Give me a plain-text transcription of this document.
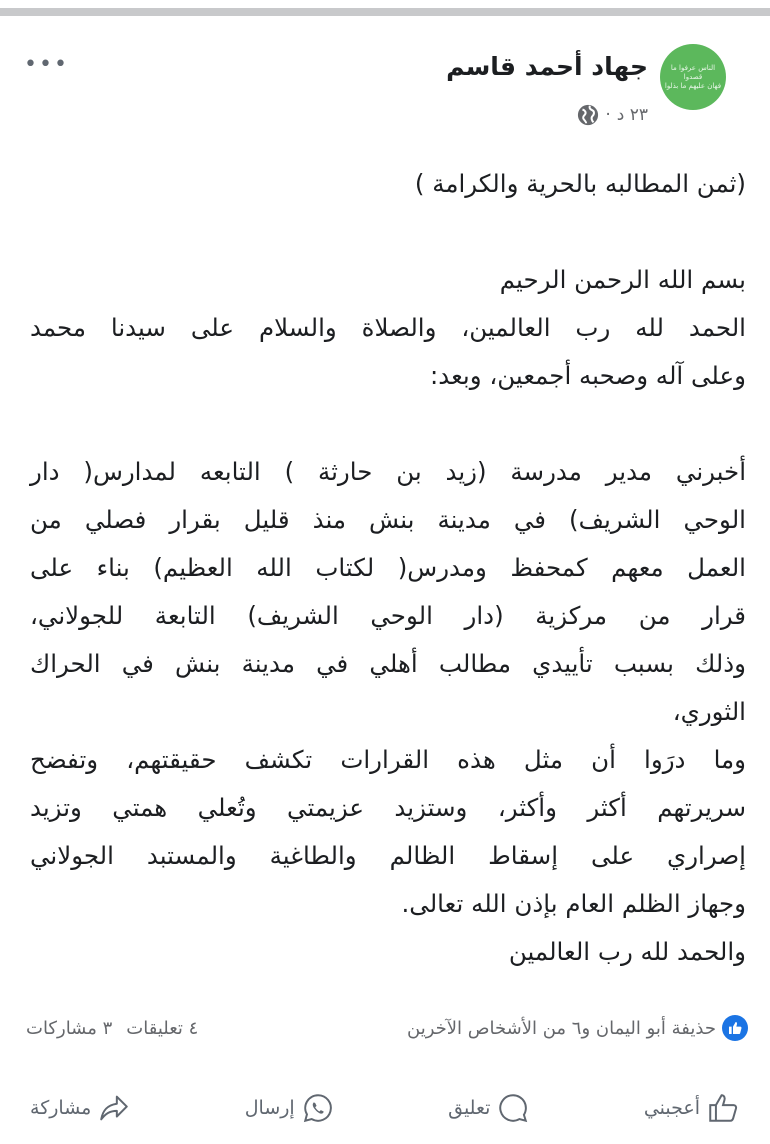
الناس عرفوا ما
قصدوا
فهان عليهم ما بذلوا
جهاد أحمد قاسم
٢٣ د
·
•••
(ثمن المطالبه بالحرية والكرامة )
بسم الله الرحمن الرحيم
الحمد لله رب العالمين، والصلاة والسلام على سيدنا محمد
وعلى آله وصحبه أجمعين، وبعد:
أخبرني مدير مدرسة (زيد بن حارثة ) التابعه لمدارس( دار
الوحي الشريف) في مدينة بنش منذ قليل بقرار فصلي من
العمل معهم كمحفظ ومدرس( لكتاب الله العظيم) بناء على
قرار من مركزية (دار الوحي الشريف) التابعة للجولاني،
وذلك بسبب تأييدي مطالب أهلي في مدينة بنش في الحراك
الثوري،
وما درَوا أن مثل هذه القرارات تكشف حقيقتهم، وتفضح
سريرتهم أكثر وأكثر، وستزيد عزيمتي وتُعلي همتي وتزيد
إصراري على إسقاط الظالم والطاغية والمستبد الجولاني
وجهاز الظلم العام بإذن الله تعالى.
والحمد لله رب العالمين
حذيفة أبو اليمان و٦ من الأشخاص الآخرين
٤ تعليقات
٣ مشاركات
أعجبني
تعليق
إرسال
مشاركة
